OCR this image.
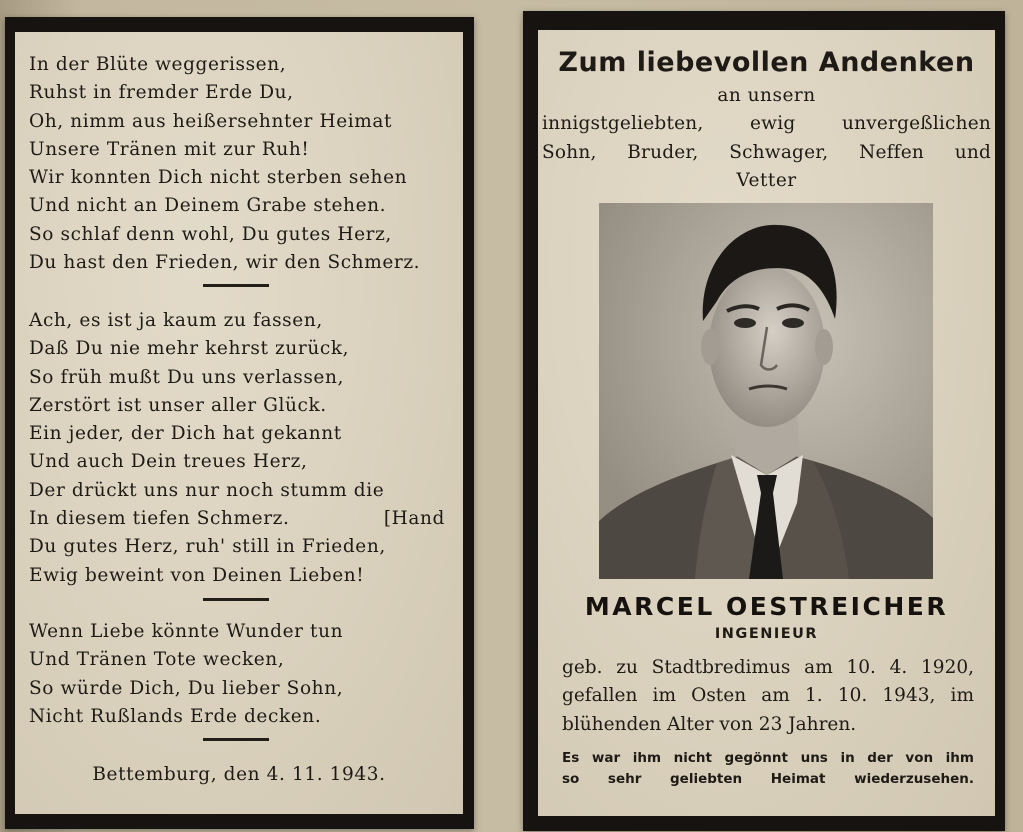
In der Blüte weggerissen,
Ruhst in fremder Erde Du,
Oh, nimm aus heißersehnter Heimat
Unsere Tränen mit zur Ruh!
Wir konnten Dich nicht sterben sehen
Und nicht an Deinem Grabe stehen.
So schlaf denn wohl, Du gutes Herz,
Du hast den Frieden, wir den Schmerz.
Ach, es ist ja kaum zu fassen,
Daß Du nie mehr kehrst zurück,
So früh mußt Du uns verlassen,
Zerstört ist unser aller Glück.
Ein jeder, der Dich hat gekannt
Und auch Dein treues Herz,
Der drückt uns nur noch stumm die
In diesem tiefen Schmerz.	[Hand
Du gutes Herz, ruh' still in Frieden,
Ewig beweint von Deinen Lieben!
Wenn Liebe könnte Wunder tun
Und Tränen Tote wecken,
So würde Dich, Du lieber Sohn,
Nicht Rußlands Erde decken.
Bettemburg, den 4. 11. 1943.
Zum liebevollen Andenken
an unsern
innigstgeliebten, ewig unvergeßlichen
Sohn, Bruder, Schwager, Neffen und
Vetter
MARCEL OESTREICHER
INGENIEUR
geb. zu Stadtbredimus am 10. 4. 1920,
gefallen im Osten am 1. 10. 1943, im
blühenden Alter von 23 Jahren.
Es war ihm nicht gegönnt uns in der von ihm
so sehr geliebten Heimat wiederzusehen.
